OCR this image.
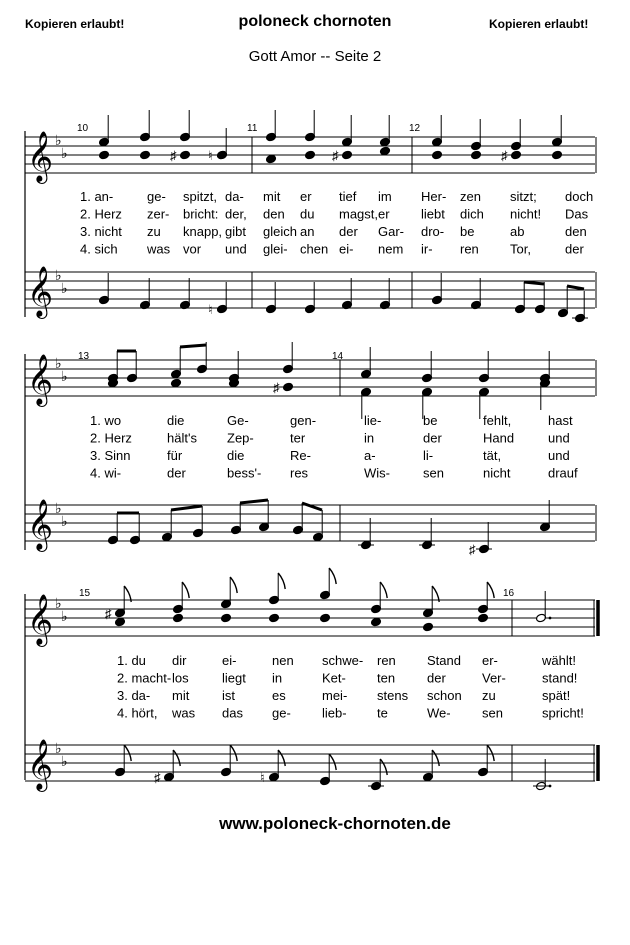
Kopieren erlaubt!	poloneck chornoten	Kopieren erlaubt!
Gott Amor -- Seite 2
𝄞 ♭
♭
𝄞 ♭
♭
10	11	12
♯ ♮	♯	♯
1. an-	ge- spitzt, da- mit er tief im Her- zen sitzt; doch
2. Herz zer- bricht: der, den du magst, er liebt dich nicht! Das
3. nicht zu knapp, gibt gleich an der Gar- dro- be	ab	den
4. sich was vor und glei- chen ei- nem ir- ren Tor,	der
♮
𝄞 ♭
♭
𝄞 ♭
♭
13	14
♯
1. wo	die	Ge-	gen-	lie-	be	fehlt,	hast
2. Herz	hält's Zep-	ter	in	der	Hand	und
3. Sinn	für	die	Re-	a-	li-	tät,	und
4. wi-	der	bess'- res	Wis-	sen	nicht	drauf
♯
𝄞 ♭
♭
𝄞 ♭
♭
15	16
♯
1. du dir	ei-	nen schwe- ren Stand er-	wählt!
2. macht- los	liegt in	Ket- ten der	Ver-	stand!
3. da- mit	ist	es	mei- stens schon zu	spät!
4. hört, was das ge- lieb- te	We- sen	spricht!
♯	♮
www.poloneck-chornoten.de
